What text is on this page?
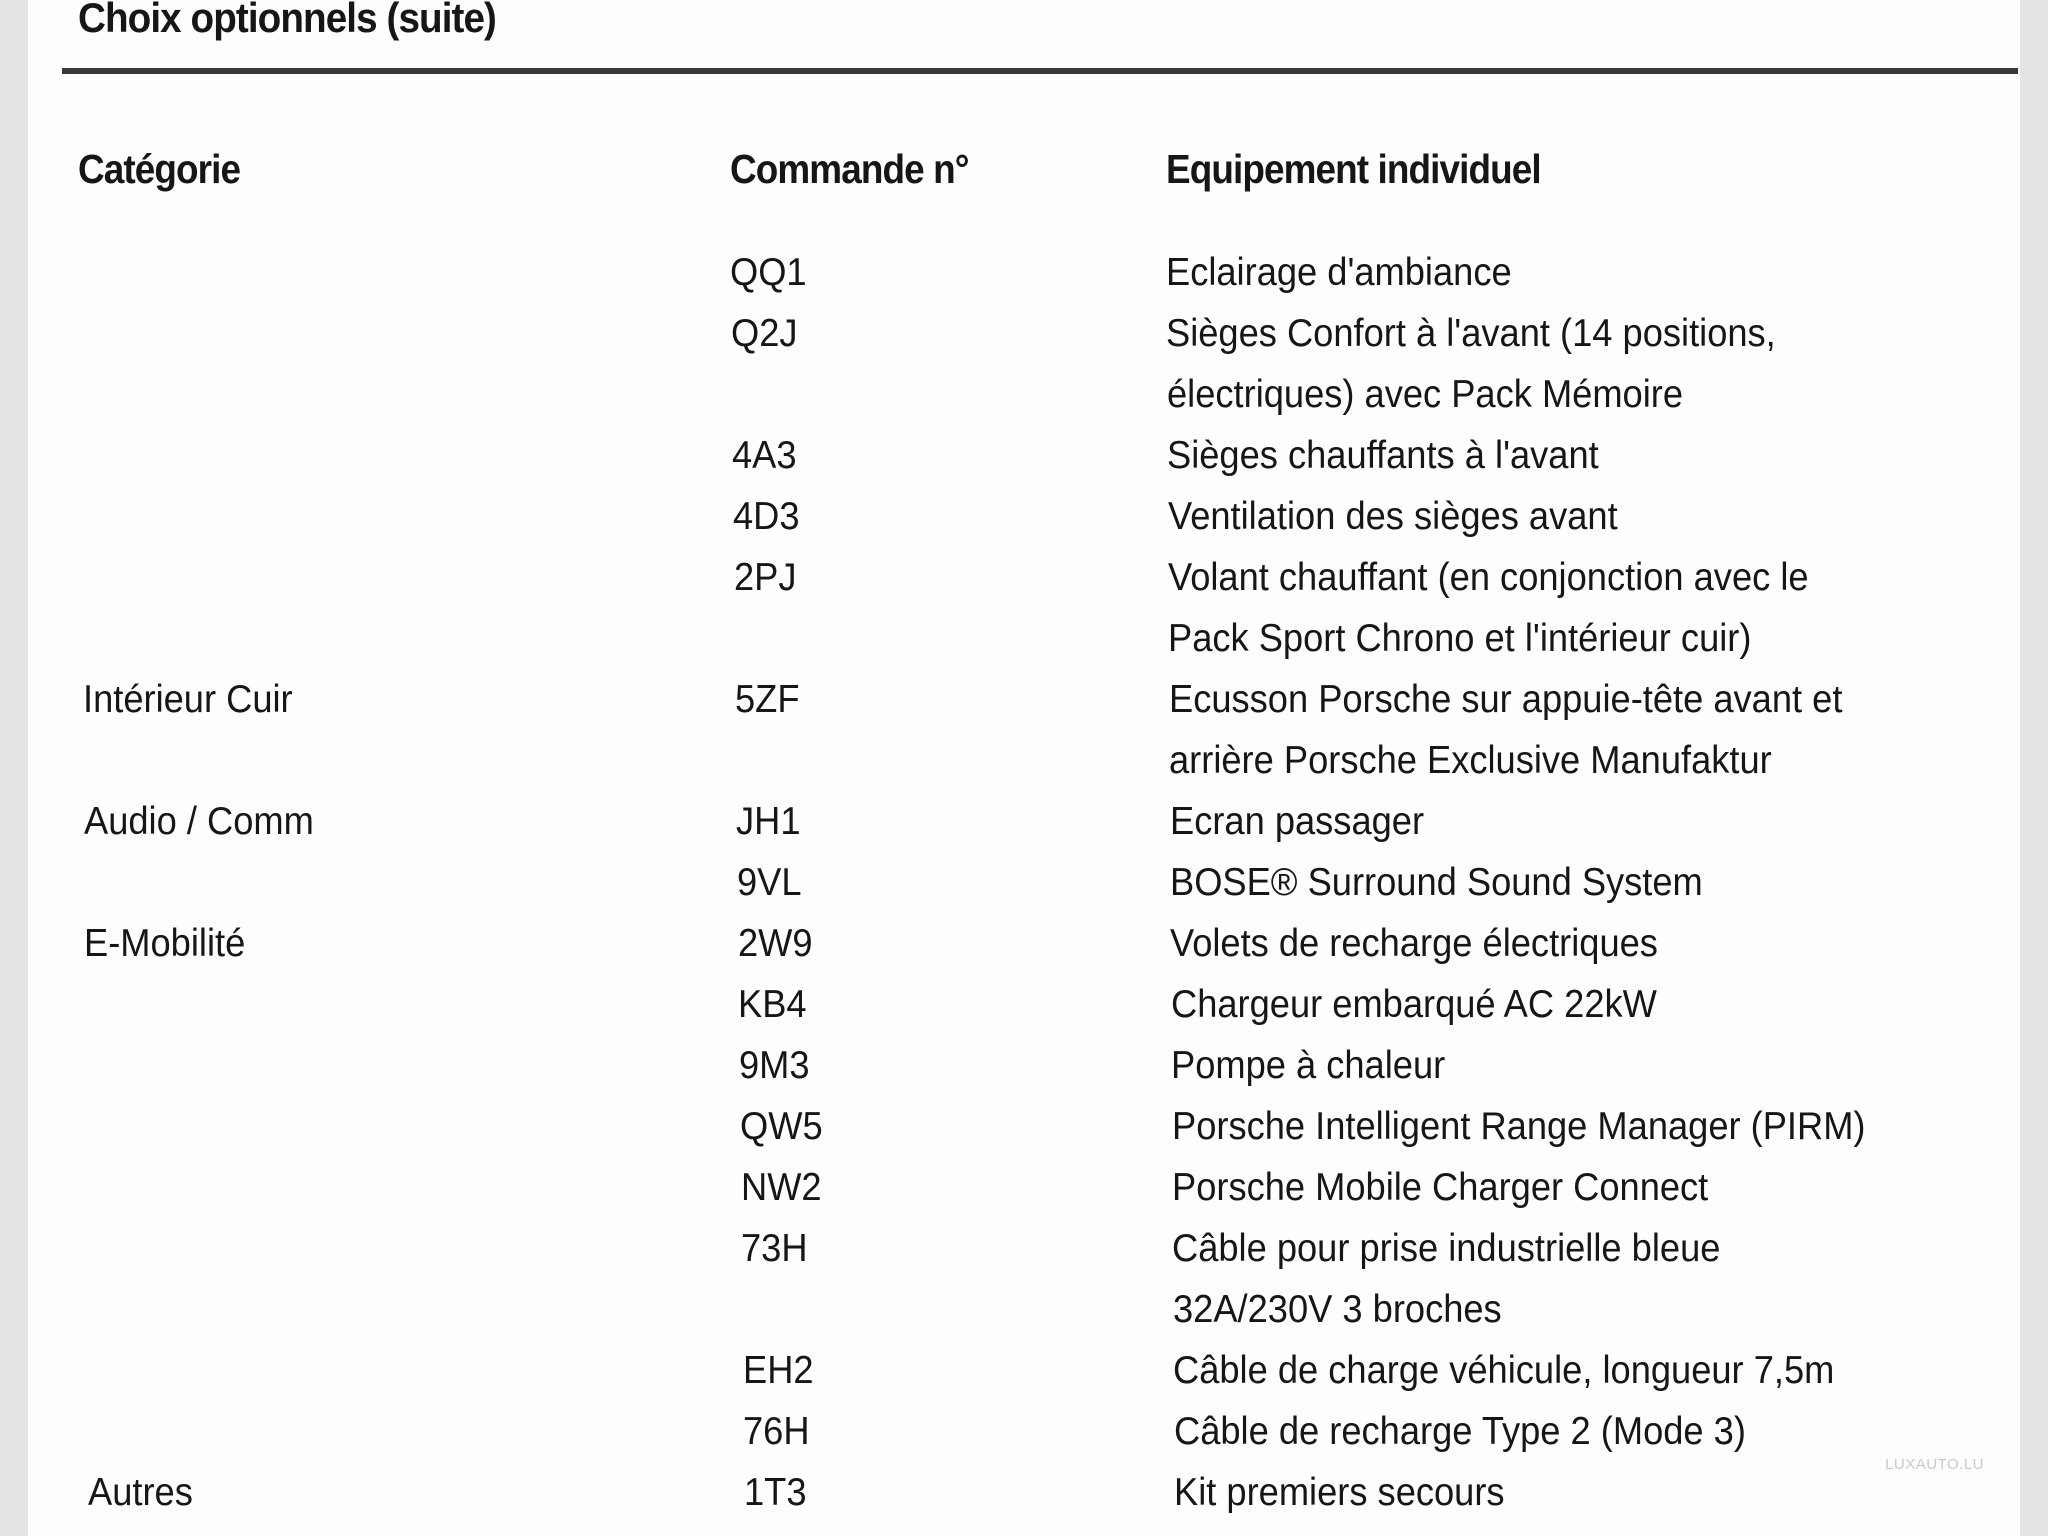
Choix optionnels (suite)
Catégorie	Commande n°	Equipement individuel
QQ1	Eclairage d'ambiance
Q2J	Sièges Confort à l'avant (14 positions,
électriques) avec Pack Mémoire
4A3	Sièges chauffants à l'avant
4D3	Ventilation des sièges avant
2PJ	Volant chauffant (en conjonction avec le
Pack Sport Chrono et l'intérieur cuir)
Intérieur Cuir	5ZF	Ecusson Porsche sur appuie-tête avant et
arrière Porsche Exclusive Manufaktur
Audio / Comm	JH1	Ecran passager
9VL	BOSE® Surround Sound System
E-Mobilité	2W9	Volets de recharge électriques
KB4	Chargeur embarqué AC 22kW
9M3	Pompe à chaleur
QW5	Porsche Intelligent Range Manager (PIRM)
NW2	Porsche Mobile Charger Connect
73H	Câble pour prise industrielle bleue
32A/230V 3 broches
EH2	Câble de charge véhicule, longueur 7,5m
76H	Câble de recharge Type 2 (Mode 3)
Autres	1T3	Kit premiers secours
LUXAUTO.LU
